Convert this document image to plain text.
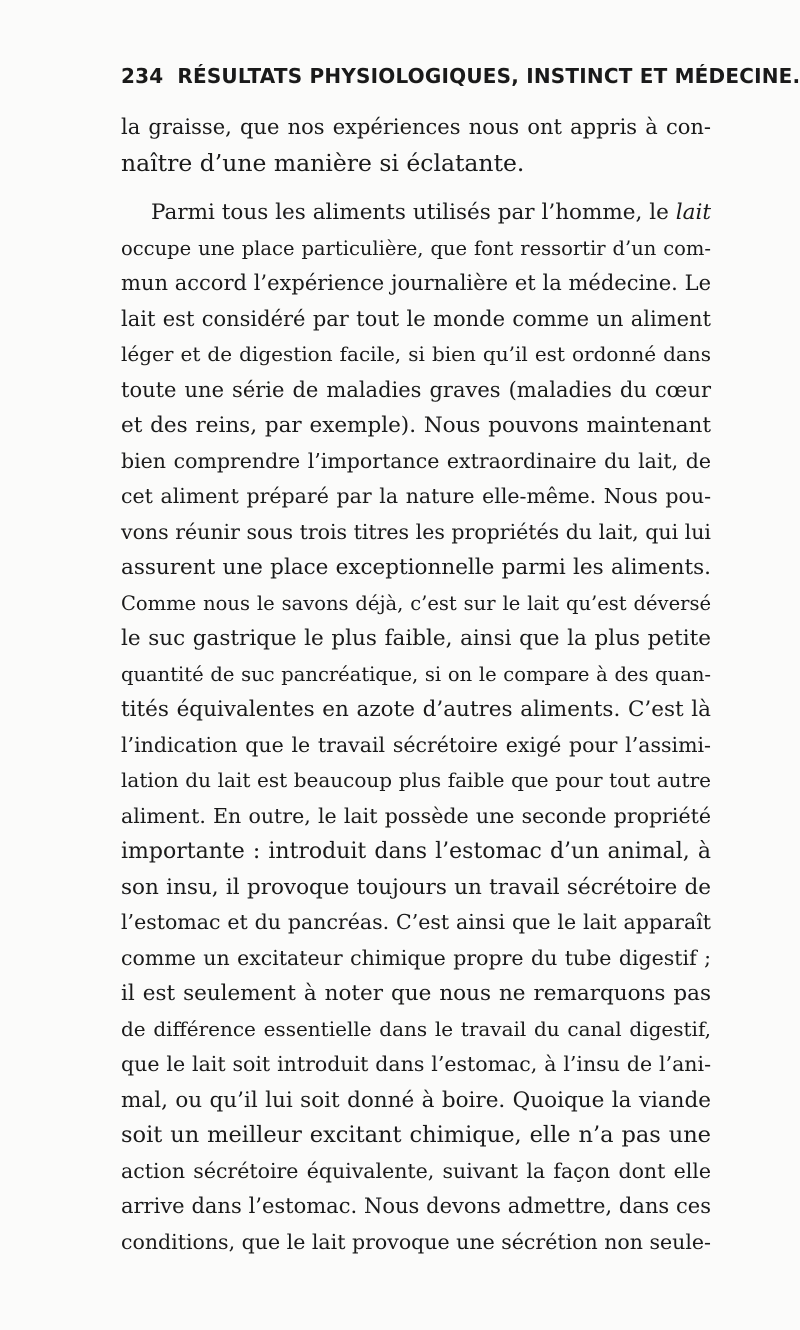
234 RÉSULTATS PHYSIOLOGIQUES, INSTINCT ET MÉDECINE.
la graisse, que nos expériences nous ont appris à con-
naître d’une manière si éclatante.
Parmi tous les aliments utilisés par l’homme, le lait
occupe une place particulière, que font ressortir d’un com-
mun accord l’expérience journalière et la médecine. Le
lait est considéré par tout le monde comme un aliment
léger et de digestion facile, si bien qu’il est ordonné dans
toute une série de maladies graves (maladies du cœur
et des reins, par exemple). Nous pouvons maintenant
bien comprendre l’importance extraordinaire du lait, de
cet aliment préparé par la nature elle-même. Nous pou-
vons réunir sous trois titres les propriétés du lait, qui lui
assurent une place exceptionnelle parmi les aliments.
Comme nous le savons déjà, c’est sur le lait qu’est déversé
le suc gastrique le plus faible, ainsi que la plus petite
quantité de suc pancréatique, si on le compare à des quan-
tités équivalentes en azote d’autres aliments. C’est là
l’indication que le travail sécrétoire exigé pour l’assimi-
lation du lait est beaucoup plus faible que pour tout autre
aliment. En outre, le lait possède une seconde propriété
importante : introduit dans l’estomac d’un animal, à
son insu, il provoque toujours un travail sécrétoire de
l’estomac et du pancréas. C’est ainsi que le lait apparaît
comme un excitateur chimique propre du tube digestif ;
il est seulement à noter que nous ne remarquons pas
de différence essentielle dans le travail du canal digestif,
que le lait soit introduit dans l’estomac, à l’insu de l’ani-
mal, ou qu’il lui soit donné à boire. Quoique la viande
soit un meilleur excitant chimique, elle n’a pas une
action sécrétoire équivalente, suivant la façon dont elle
arrive dans l’estomac. Nous devons admettre, dans ces
conditions, que le lait provoque une sécrétion non seule-
